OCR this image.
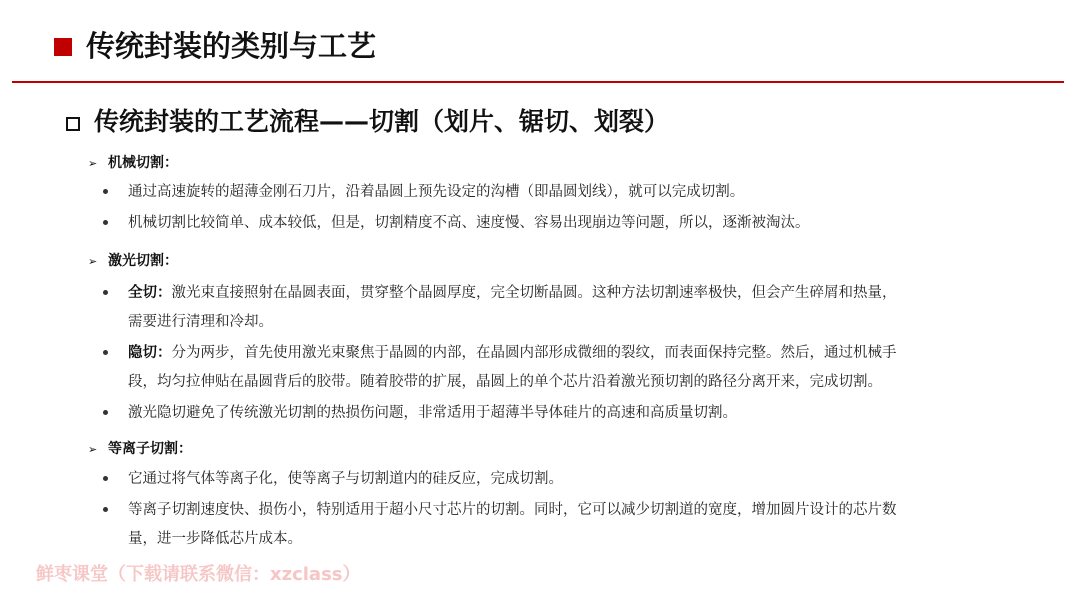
传统封装的类别与工艺
传统封装的工艺流程——切割（划片、锯切、划裂）
➢ 机械切割：
通过高速旋转的超薄金刚石刀片，沿着晶圆上预先设定的沟槽（即晶圆划线），就可以完成切割。
机械切割比较简单、成本较低，但是，切割精度不高、速度慢、容易出现崩边等问题，所以，逐渐被淘汰。
➢ 激光切割：
全切：激光束直接照射在晶圆表面，贯穿整个晶圆厚度，完全切断晶圆。这种方法切割速率极快，但会产生碎屑和热量，
需要进行清理和冷却。
隐切：分为两步，首先使用激光束聚焦于晶圆的内部，在晶圆内部形成微细的裂纹，而表面保持完整。然后，通过机械手
段，均匀拉伸贴在晶圆背后的胶带。随着胶带的扩展，晶圆上的单个芯片沿着激光预切割的路径分离开来，完成切割。
激光隐切避免了传统激光切割的热损伤问题，非常适用于超薄半导体硅片的高速和高质量切割。
➢ 等离子切割：
它通过将气体等离子化，使等离子与切割道内的硅反应，完成切割。
等离子切割速度快、损伤小，特别适用于超小尺寸芯片的切割。同时，它可以减少切割道的宽度，增加圆片设计的芯片数
量，进一步降低芯片成本。
鲜枣课堂（下载请联系微信：xzclass）
